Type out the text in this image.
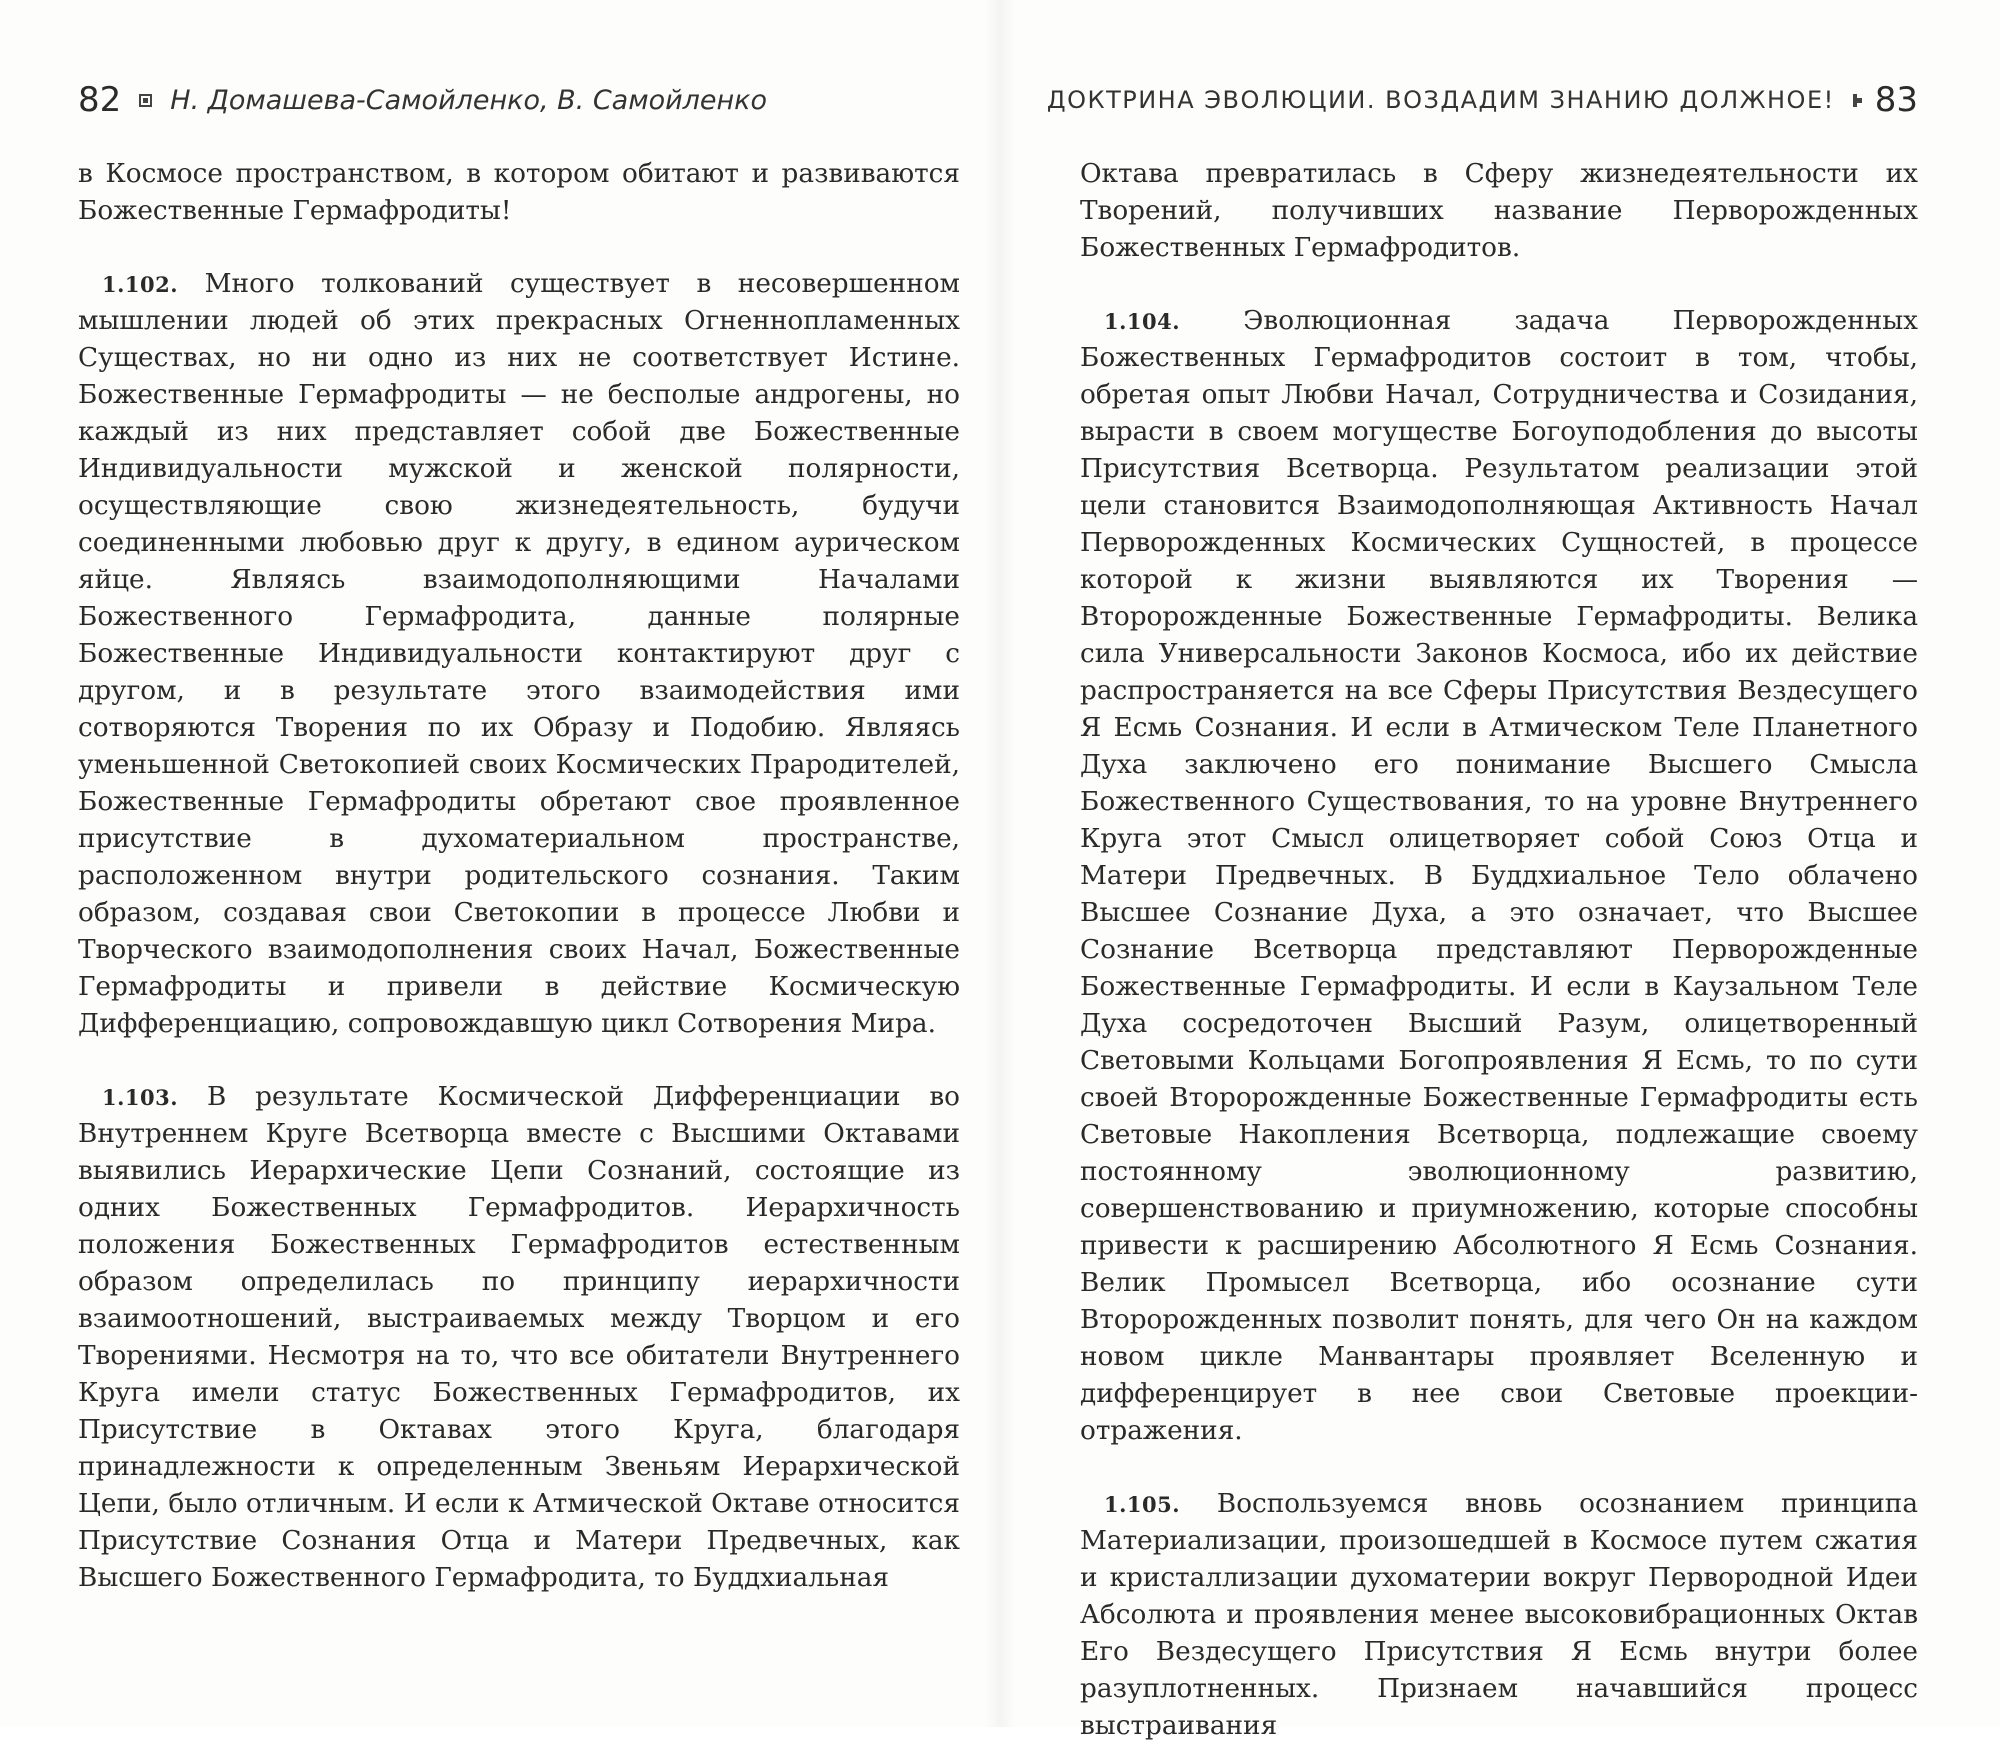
82 Н. Домашева-Самойленко, В. Самойленко

в Космосе пространством, в котором обитают и развиваются Божественные Гермафродиты!

1.102. Много толкований существует в несовершенном мышлении людей об этих прекрасных Огненнопламенных Существах, но ни одно из них не соответствует Истине. Божественные Гермафродиты — не бесполые андрогены, но каждый из них представляет собой две Божественные Индивидуальности мужской и женской полярности, осуществляющие свою жизнедеятельность, будучи соединенными любовью друг к другу, в едином аурическом яйце. Являясь взаимодополняющими Началами Божественного Гермафродита, данные полярные Божественные Индивидуальности контактируют друг с другом, и в результате этого взаимодействия ими сотворяются Творения по их Образу и Подобию. Являясь уменьшенной Светокопией своих Космических Прародителей, Божественные Гермафродиты обретают свое проявленное присутствие в духоматериальном пространстве, расположенном внутри родительского сознания. Таким образом, создавая свои Светокопии в процессе Любви и Творческого взаимодополнения своих Начал, Божественные Гермафродиты и привели в действие Космическую Дифференциацию, сопровождавшую цикл Сотворения Мира.

1.103. В результате Космической Дифференциации во Внутреннем Круге Всетворца вместе с Высшими Октавами выявились Иерархические Цепи Сознаний, состоящие из одних Божественных Гермафродитов. Иерархичность положения Божественных Гермафродитов естественным образом определилась по принципу иерархичности взаимоотношений, выстраиваемых между Творцом и его Творениями. Несмотря на то, что все обитатели Внутреннего Круга имели статус Божественных Гермафродитов, их Присутствие в Октавах этого Круга, благодаря принадлежности к определенным Звеньям Иерархической Цепи, было отличным. И если к Атмической Октаве относится Присутствие Сознания Отца и Матери Предвечных, как Высшего Божественного Гермафродита, то Буддхиальная

ДОКТРИНА ЭВОЛЮЦИИ. ВОЗДАДИМ ЗНАНИЮ ДОЛЖНОЕ! 83

Октава превратилась в Сферу жизнедеятельности их Творений, получивших название Перворожденных Божественных Гермафродитов.

1.104. Эволюционная задача Перворожденных Божественных Гермафродитов состоит в том, чтобы, обретая опыт Любви Начал, Сотрудничества и Созидания, вырасти в своем могуществе Богоуподобления до высоты Присутствия Всетворца. Результатом реализации этой цели становится Взаимодополняющая Активность Начал Перворожденных Космических Сущностей, в процессе которой к жизни выявляются их Творения — Второрожденные Божественные Гермафродиты. Велика сила Универсальности Законов Космоса, ибо их действие распространяется на все Сферы Присутствия Вездесущего Я Есмь Сознания. И если в Атмическом Теле Планетного Духа заключено его понимание Высшего Смысла Божественного Существования, то на уровне Внутреннего Круга этот Смысл олицетворяет собой Союз Отца и Матери Предвечных. В Буддхиальное Тело облачено Высшее Сознание Духа, а это означает, что Высшее Сознание Всетворца представляют Перворожденные Божественные Гермафродиты. И если в Каузальном Теле Духа сосредоточен Высший Разум, олицетворенный Световыми Кольцами Богопроявления Я Есмь, то по сути своей Второрожденные Божественные Гермафродиты есть Световые Накопления Всетворца, подлежащие своему постоянному эволюционному развитию, совершенствованию и приумножению, которые способны привести к расширению Абсолютного Я Есмь Сознания. Велик Промысел Всетворца, ибо осознание сути Второрожденных позволит понять, для чего Он на каждом новом цикле Манвантары проявляет Вселенную и дифференцирует в нее свои Световые проекции-отражения.

1.105. Воспользуемся вновь осознанием принципа Материализации, произошедшей в Космосе путем сжатия и кристаллизации духоматерии вокруг Первородной Идеи Абсолюта и проявления менее высоковибрационных Октав Его Вездесущего Присутствия Я Есмь внутри более разуплотненных. Признаем начавшийся процесс выстраивания
